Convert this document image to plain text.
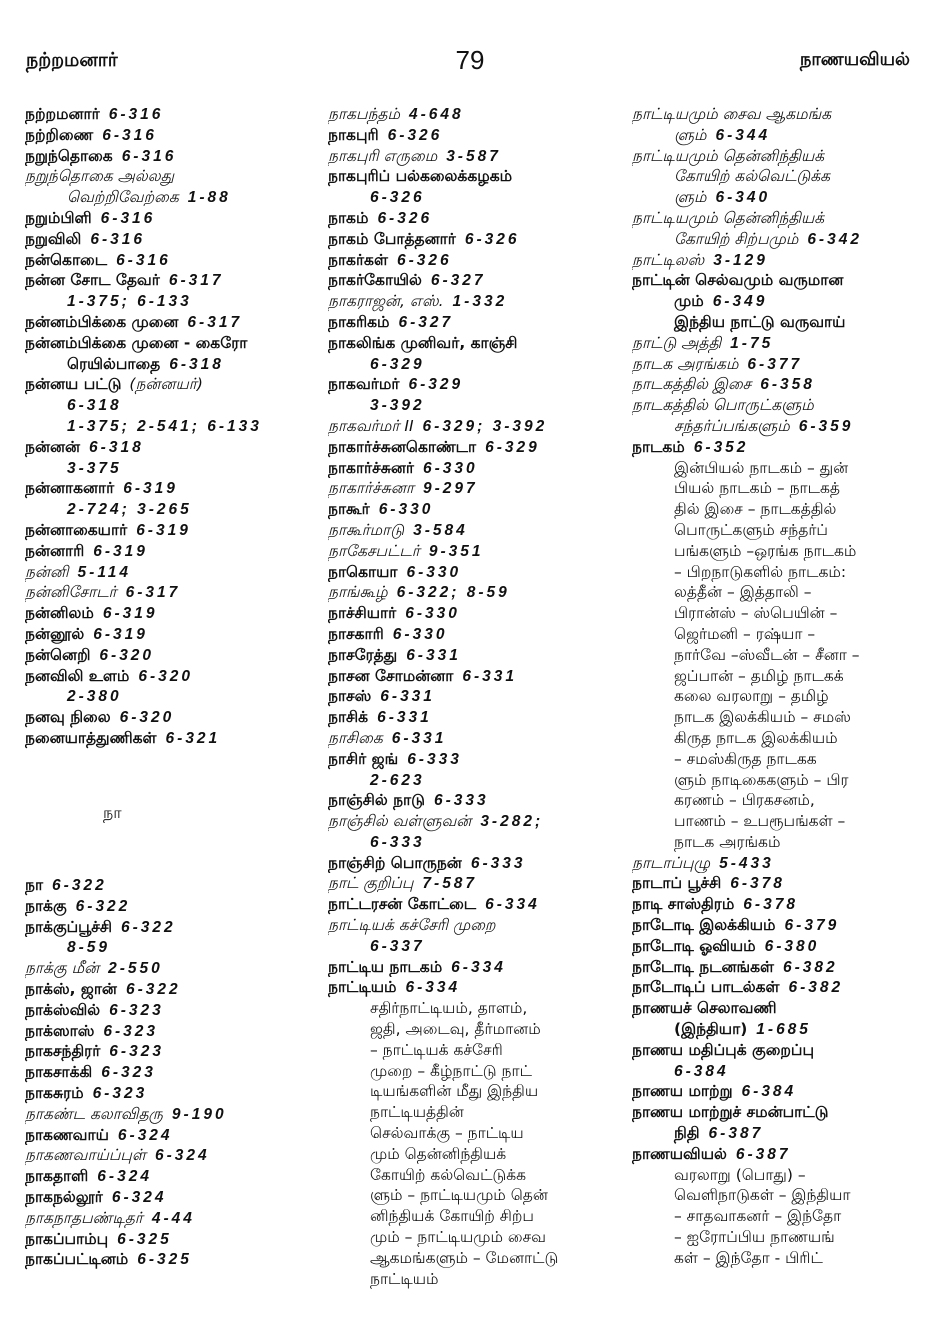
நற்றமனார்	79	நாணயவியல்
நற்றமனார் 6-316
நற்றிணை 6-316
நறுந்தொகை 6-316
நறுந்தொகை அல்லது
வெற்றிவேற்கை 1-88
நறும்பிளி 6-316
நறுவிலி 6-316
நன்கொடை 6-316
நன்ன சோட தேவர் 6-317
1-375; 6-133
நன்னம்பிக்கை முனை 6-317
நன்னம்பிக்கை முனை - கைரோ
ரெயில்பாதை 6-318
நன்னய பட்டு (நன்னயர்)
6-318
1-375; 2-541; 6-133
நன்னன் 6-318
3-375
நன்னாகனார் 6-319
2-724; 3-265
நன்னாகையார் 6-319
நன்னாரி 6-319
நன்னி 5-114
நன்னிசோடர் 6-317
நன்னிலம் 6-319
நன்னூல் 6-319
நன்னெறி 6-320
நனவிலி உளம் 6-320
2-380
நனவு நிலை 6-320
நனையாத்துணிகள் 6-321
நா
நா 6-322
நாக்கு 6-322
நாக்குப்பூச்சி 6-322
8-59
நாக்கு மீன் 2-550
நாக்ஸ், ஜான் 6-322
நாக்ஸ்வில் 6-323
நாக்ஸாஸ் 6-323
நாகசந்திரர் 6-323
நாகசாக்கி 6-323
நாகசுரம் 6-323
நாகண்ட கலாவிதரு 9-190
நாகணவாய் 6-324
நாகணவாய்ப்புள் 6-324
நாகதாளி 6-324
நாகநல்லூர் 6-324
நாகநாதபண்டிதர் 4-44
நாகப்பாம்பு 6-325
நாகப்பட்டினம் 6-325
நாகபந்தம் 4-648
நாகபுரி 6-326
நாகபுரி எருமை 3-587
நாகபுரிப் பல்கலைக்கழகம்
6-326
நாகம் 6-326
நாகம் போத்தனார் 6-326
நாகர்கள் 6-326
நாகர்கோயில் 6-327
நாகராஜன், எஸ். 1-332
நாகரிகம் 6-327
நாகலிங்க முனிவர், காஞ்சி
6-329
நாகவர்மர் 6-329
3-392
நாகவர்மர் II 6-329; 3-392
நாகார்ச்சுனகொண்டா 6-329
நாகார்ச்சுனர் 6-330
நாகார்ச்சுனா 9-297
நாகூர் 6-330
நாகூர்மாடு 3-584
நாகேசபட்டர் 9-351
நாகொயா 6-330
நாங்கூழ் 6-322; 8-59
நாச்சியார் 6-330
நாசகாரி 6-330
நாசரேத்து 6-331
நாசன சோமன்னா 6-331
நாசஸ் 6-331
நாசிக் 6-331
நாசிகை 6-331
நாசிர் ஜங் 6-333
2-623
நாஞ்சில் நாடு 6-333
நாஞ்சில் வள்ளுவன் 3-282;
6-333
நாஞ்சிற் பொருநன் 6-333
நாட் குறிப்பு 7-587
நாட்டரசன் கோட்டை 6-334
நாட்டியக் கச்சேரி முறை
6-337
நாட்டிய நாடகம் 6-334
நாட்டியம் 6-334
சதிர்நாட்டியம், தாளம்,
ஜதி, அடைவு, தீர்மானம்
– நாட்டியக் கச்சேரி
முறை – கீழ்நாட்டு நாட்
டியங்களின் மீது இந்திய
நாட்டியத்தின்
செல்வாக்கு – நாட்டிய
மும் தென்னிந்தியக்
கோயிற் கல்வெட்டுக்க
ளும் – நாட்டியமும் தென்
னிந்தியக் கோயிற் சிற்ப
மும் – நாட்டியமும் சைவ
ஆகமங்களும் – மேனாட்டு
நாட்டியம்
நாட்டியமும் சைவ ஆகமங்க
ளும் 6-344
நாட்டியமும் தென்னிந்தியக்
கோயிற் கல்வெட்டுக்க
ளும் 6-340
நாட்டியமும் தென்னிந்தியக்
கோயிற் சிற்பமும் 6-342
நாட்டிலஸ் 3-129
நாட்டின் செல்வமும் வருமான
மும் 6-349
இந்திய நாட்டு வருவாய்
நாட்டு அத்தி 1-75
நாடக அரங்கம் 6-377
நாடகத்தில் இசை 6-358
நாடகத்தில் பொருட்களும்
சந்தர்ப்பங்களும் 6-359
நாடகம் 6-352
இன்பியல் நாடகம் – துன்
பியல் நாடகம் – நாடகத்
தில் இசை – நாடகத்தில்
பொருட்களும் சந்தர்ப்
பங்களும் –ஒரங்க நாடகம்
– பிறநாடுகளில் நாடகம்:
லத்தீன் – இத்தாலி –
பிரான்ஸ் – ஸ்பெயின் –
ஜெர்மனி – ரஷ்யா –
நார்வே –ஸ்வீடன் – சீனா –
ஜப்பான் – தமிழ் நாடகக்
கலை வரலாறு – தமிழ்
நாடக இலக்கியம் – சமஸ்
கிருத நாடக இலக்கியம்
– சமஸ்கிருத நாடகக
ளும் நாடிகைகளும் – பிர
கரணம் – பிரகசனம்,
பாணம் – உபரூபங்கள் –
நாடக அரங்கம்
நாடாப்புழு 5-433
நாடாப் பூச்சி 6-378
நாடி சாஸ்திரம் 6-378
நாடோடி இலக்கியம் 6-379
நாடோடி ஓவியம் 6-380
நாடோடி நடனங்கள் 6-382
நாடோடிப் பாடல்கள் 6-382
நாணயச் செலாவணி
(இந்தியா) 1-685
நாணய மதிப்புக் குறைப்பு
6-384
நாணய மாற்று 6-384
நாணய மாற்றுச் சமன்பாட்டு
நிதி 6-387
நாணயவியல் 6-387
வரலாறு (பொது) –
வெளிநாடுகள் – இந்தியா
– சாதவாகனர் – இந்தோ
– ஐரோப்பிய நாணயங்
கள் – இந்தோ - பிரிட்
